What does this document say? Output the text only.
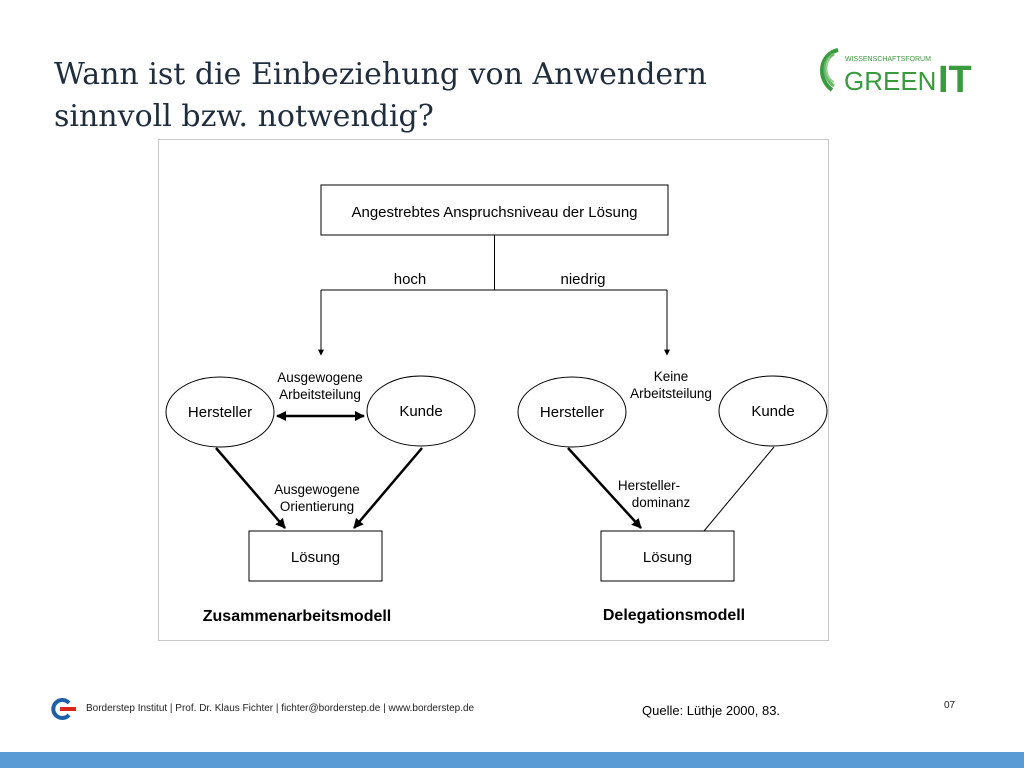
Wann ist die Einbeziehung von Anwendern
sinnvoll bzw. notwendig?
WISSENSCHAFTSFORUM
GREEN IT
Angestrebtes Anspruchsniveau der Lösung
hoch	niedrig
Hersteller	Kunde
Ausgewogene
Arbeitsteilung
Ausgewogene
Orientierung
Lösung
Zusammenarbeitsmodell
Hersteller	Kunde
Keine
Arbeitsteilung
Hersteller-
dominanz
Lösung
Delegationsmodell
Borderstep Institut | Prof. Dr. Klaus Fichter | fichter@borderstep.de | www.borderstep.de	Quelle: Lüthje 2000, 83.	07
